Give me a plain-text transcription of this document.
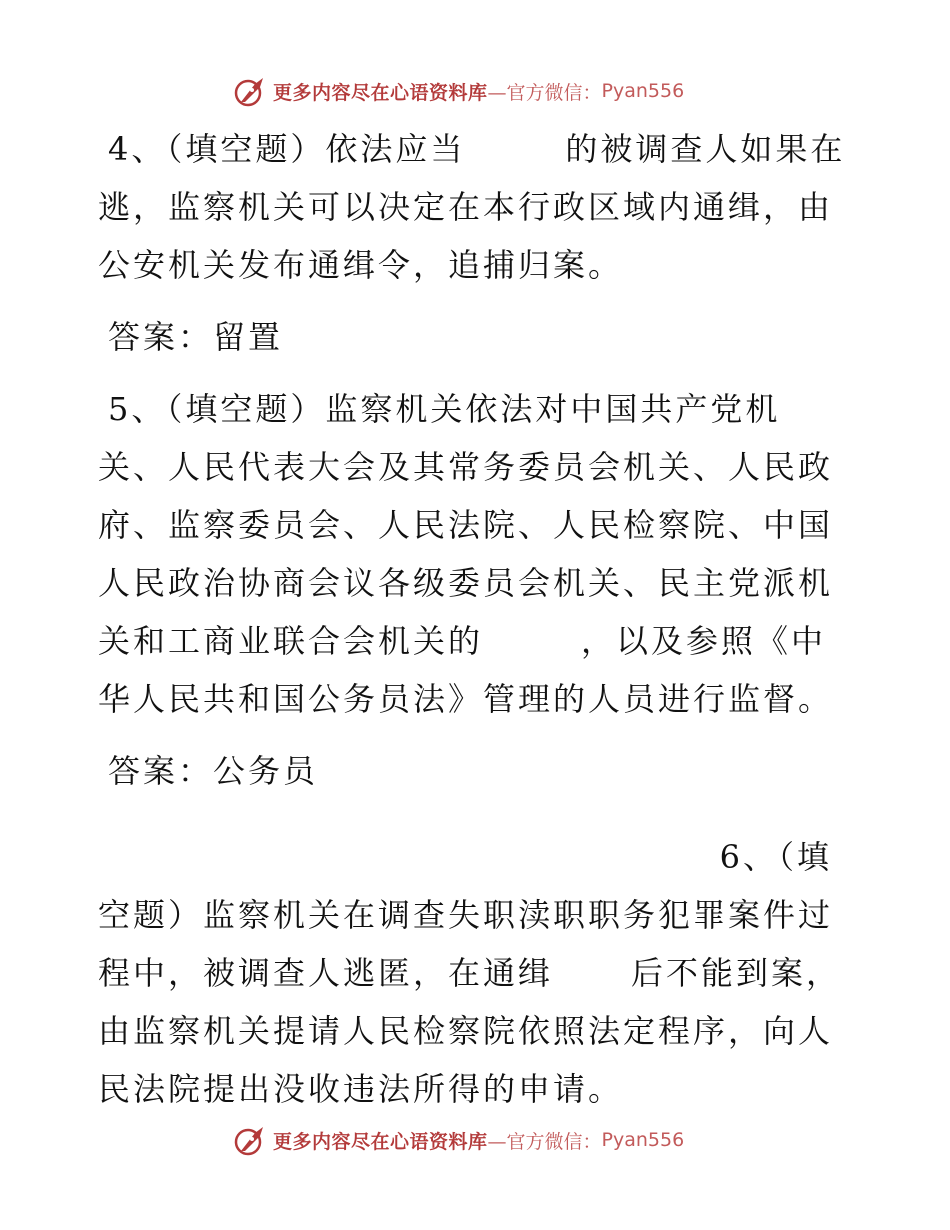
更多内容尽在心语资料库 —官方微信： Pyan556

4、（填空题）依法应当	的被调查人如果在逃，监察机关可以决定在本行政区域内通缉，由公安机关发布通缉令，追捕归案。

答案：留置

5、（填空题）监察机关依法对中国共产党机关、人民代表大会及其常务委员会机关、人民政府、监察委员会、人民法院、人民检察院、中国人民政治协商会议各级委员会机关、民主党派机关和工商业联合会机关的	，以及参照《中华人民共和国公务员法》管理的人员进行监督。

答案：公务员

6、（填
空题）监察机关在调查失职渎职职务犯罪案件过程中，被调查人逃匿，在通缉 后不能到案，由监察机关提请人民检察院依照法定程序，向人民法院提出没收违法所得的申请。

更多内容尽在心语资料库 —官方微信： Pyan556
